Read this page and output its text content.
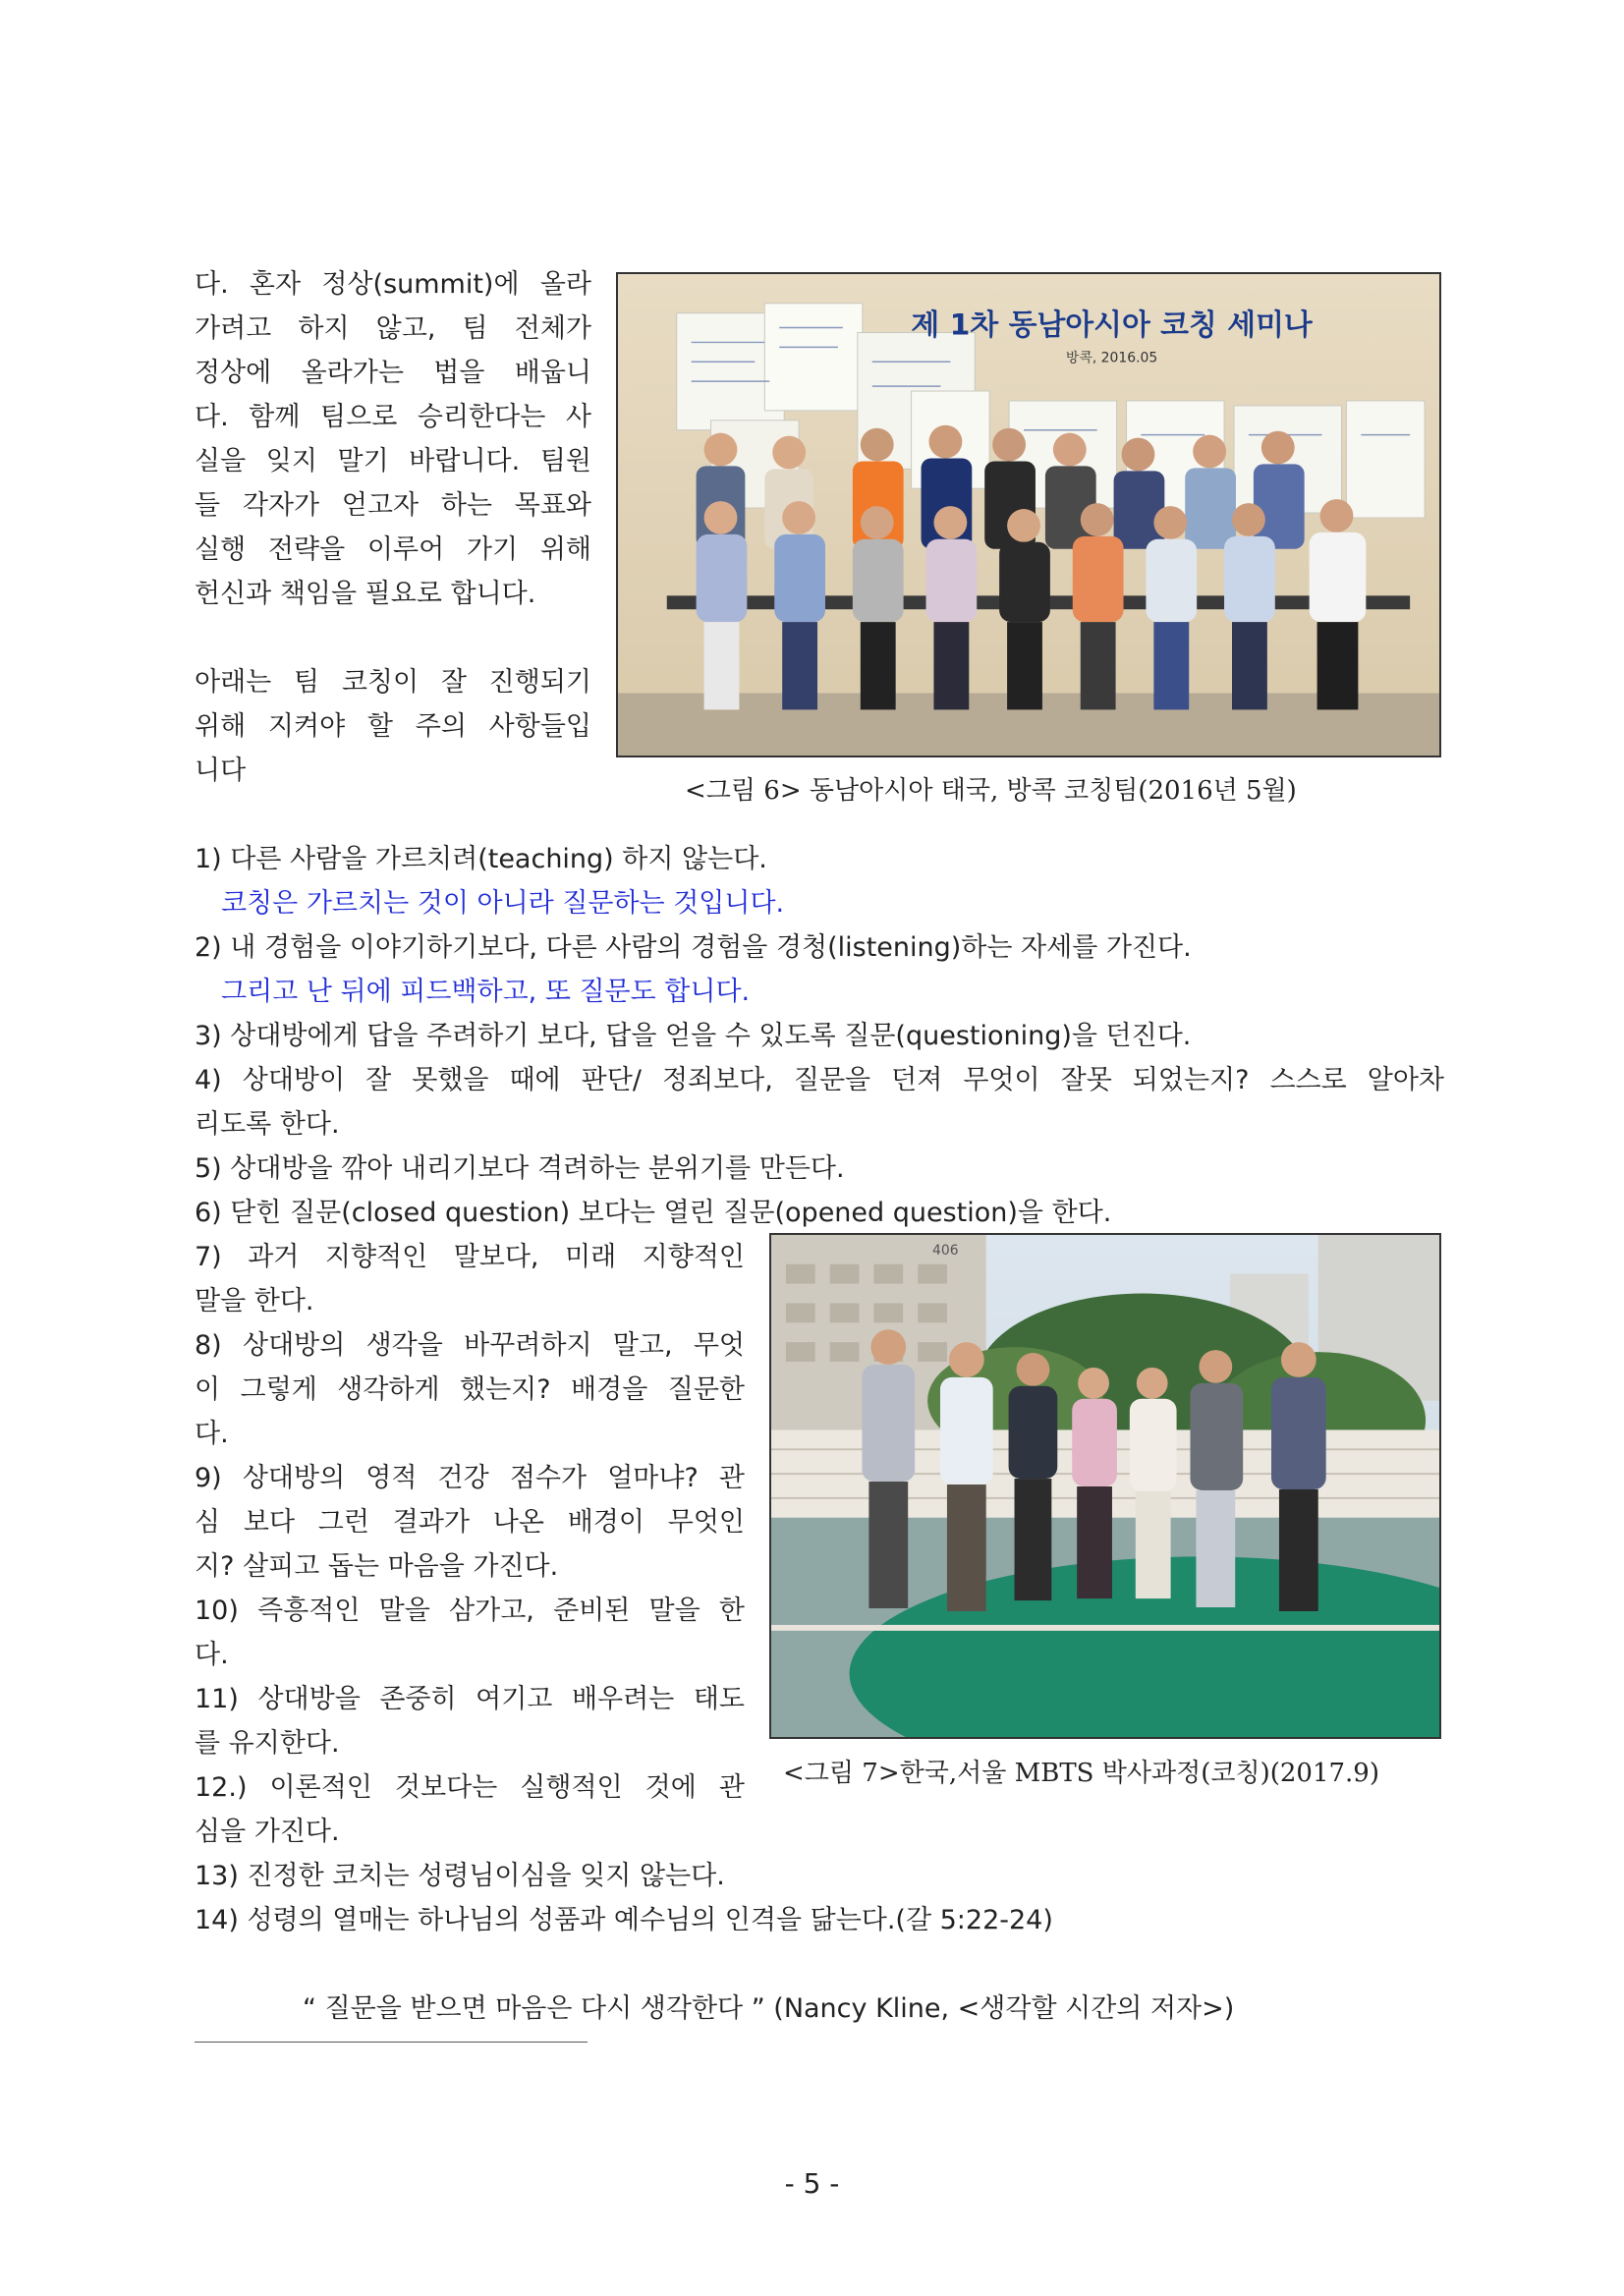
다. 혼자 정상(summit)에 올라
가려고 하지 않고, 팀 전체가
정상에 올라가는 법을 배웁니
다. 함께 팀으로 승리한다는 사
실을 잊지 말기 바랍니다. 팀원
들 각자가 얻고자 하는 목표와
실행 전략을 이루어 가기 위해
헌신과 책임을 필요로 합니다.
아래는 팀 코칭이 잘 진행되기
위해 지켜야 할 주의 사항들입
니다
제 1차 동남아시아 코칭 세미나
방콕, 2016.05
<그림 6> 동남아시아 태국, 방콕 코칭팀(2016년 5월)
1) 다른 사람을 가르치려(teaching) 하지 않는다.
코칭은 가르치는 것이 아니라 질문하는 것입니다.
2) 내 경험을 이야기하기보다, 다른 사람의 경험을 경청(listening)하는 자세를 가진다.
그리고 난 뒤에 피드백하고, 또 질문도 합니다.
3) 상대방에게 답을 주려하기 보다, 답을 얻을 수 있도록 질문(questioning)을 던진다.
4) 상대방이 잘 못했을 때에 판단/ 정죄보다, 질문을 던져 무엇이 잘못 되었는지? 스스로 알아차
리도록 한다.
5) 상대방을 깎아 내리기보다 격려하는 분위기를 만든다.
6) 닫힌 질문(closed question) 보다는 열린 질문(opened question)을 한다.
7) 과거 지향적인 말보다, 미래 지향적인
말을 한다.
8) 상대방의 생각을 바꾸려하지 말고, 무엇
이 그렇게 생각하게 했는지? 배경을 질문한
다.
9) 상대방의 영적 건강 점수가 얼마냐? 관
심 보다 그런 결과가 나온 배경이 무엇인
지? 살피고 돕는 마음을 가진다.
10) 즉흥적인 말을 삼가고, 준비된 말을 한
다.
11) 상대방을 존중히 여기고 배우려는 태도
를 유지한다.
12.) 이론적인 것보다는 실행적인 것에 관
심을 가진다.
406
<그림 7>한국,서울 MBTS 박사과정(코칭)(2017.9)
13) 진정한 코치는 성령님이심을 잊지 않는다.
14) 성령의 열매는 하나님의 성품과 예수님의 인격을 닮는다.(갈 5:22-24)
“ 질문을 받으면 마음은 다시 생각한다 ” (Nancy Kline, <생각할 시간의 저자>)
- 5 -
